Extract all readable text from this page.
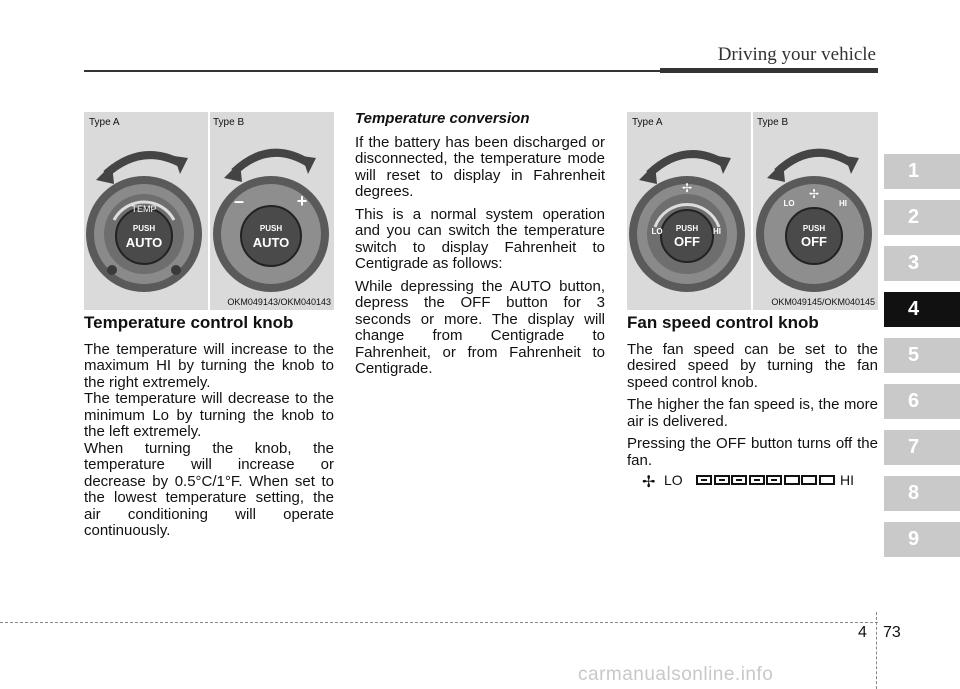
Driving your vehicle
1
2
3
4
5
6
7
8
9
TEMP
PUSH
AUTO
–	+
PUSH
AUTO
Type A	Type B
OKM049143/OKM040143
✢
PUSH
OFF
LO	HI
✢
PUSH
OFF
LO	HI
Type A	Type B
OKM049145/OKM040145
Temperature control knob

The temperature will increase to the maximum HI by turning the knob to the right extremely.

The temperature will decrease to the minimum Lo by turning the knob to the left extremely.

When turning the knob, the temperature will increase or decrease by 0.5°C/1°F. When set to the lowest temperature setting, the air conditioning will operate continuously.

Temperature conversion

If the battery has been discharged or disconnected, the temperature mode will reset to display in Fahrenheit degrees.

This is a normal system operation and you can switch the temperature switch to display Fahrenheit to Centigrade as follows:

While depressing the AUTO button, depress the OFF button for 3 seconds or more. The display will change from Centigrade to Fahrenheit, or from Fahrenheit to Centigrade.

Fan speed control knob

The fan speed can be set to the desired speed by turning the fan speed control knob.

The higher the fan speed is, the more air is delivered.

Pressing the OFF button turns off the fan.

✢ LO	HI
4 73
carmanualsonline.info
